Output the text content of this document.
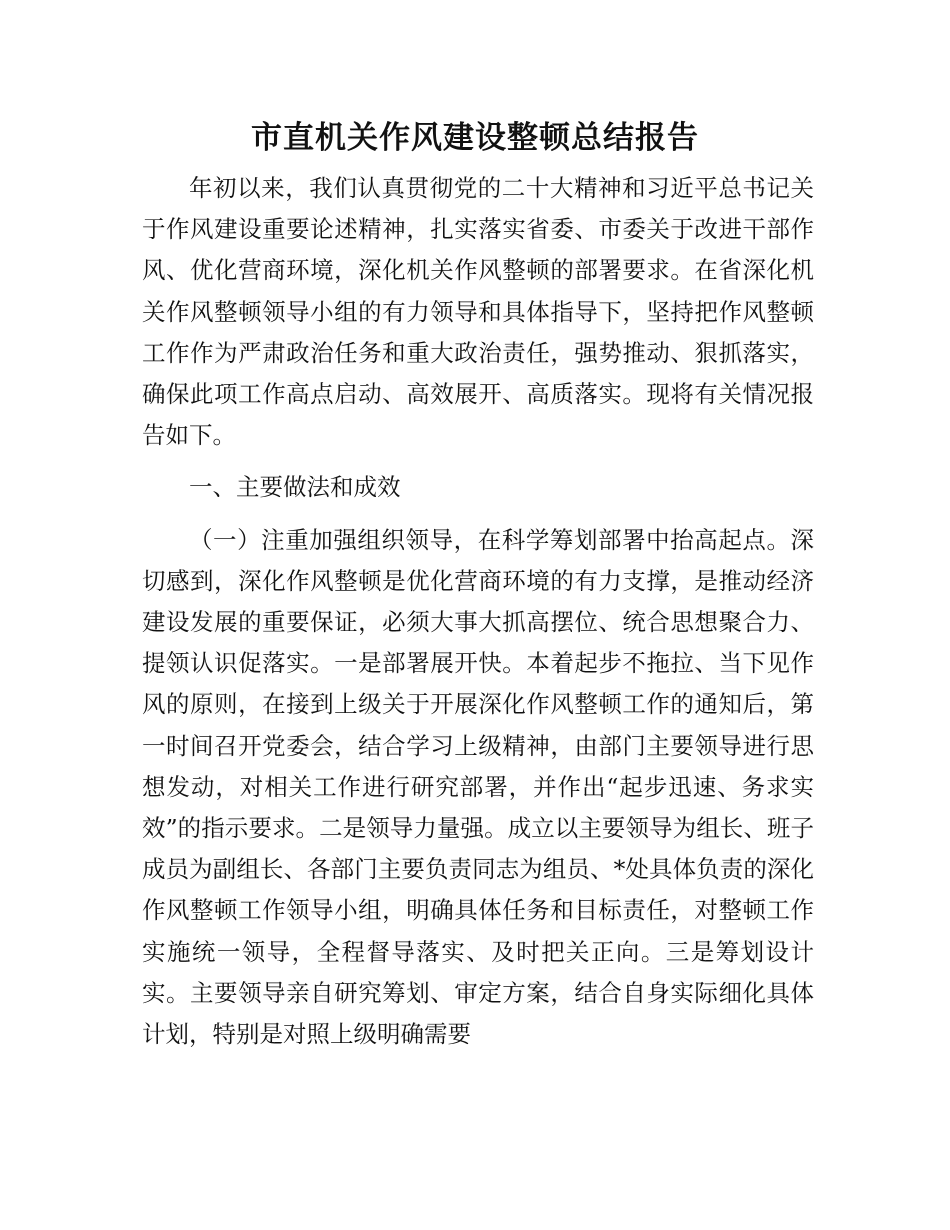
市直机关作风建设整顿总结报告

年初以来，我们认真贯彻党的二十大精神和习近平总书记关于作风建设重要论述精神，扎实落实省委、市委关于改进干部作风、优化营商环境，深化机关作风整顿的部署要求。在省深化机关作风整顿领导小组的有力领导和具体指导下，坚持把作风整顿工作作为严肃政治任务和重大政治责任，强势推动、狠抓落实，确保此项工作高点启动、高效展开、高质落实。现将有关情况报告如下。

一、主要做法和成效

（一）注重加强组织领导，在科学筹划部署中抬高起点。深切感到，深化作风整顿是优化营商环境的有力支撑，是推动经济建设发展的重要保证，必须大事大抓高摆位、统合思想聚合力、提领认识促落实。一是部署展开快。本着起步不拖拉、当下见作风的原则，在接到上级关于开展深化作风整顿工作的通知后，第一时间召开党委会，结合学习上级精神，由部门主要领导进行思想发动，对相关工作进行研究部署，并作出“起步迅速、务求实效”的指示要求。二是领导力量强。成立以主要领导为组长、班子成员为副组长、各部门主要负责同志为组员、*处具体负责的深化作风整顿工作领导小组，明确具体任务和目标责任，对整顿工作实施统一领导，全程督导落实、及时把关正向。三是筹划设计实。主要领导亲自研究筹划、审定方案，结合自身实际细化具体计划，特别是对照上级明确需要
